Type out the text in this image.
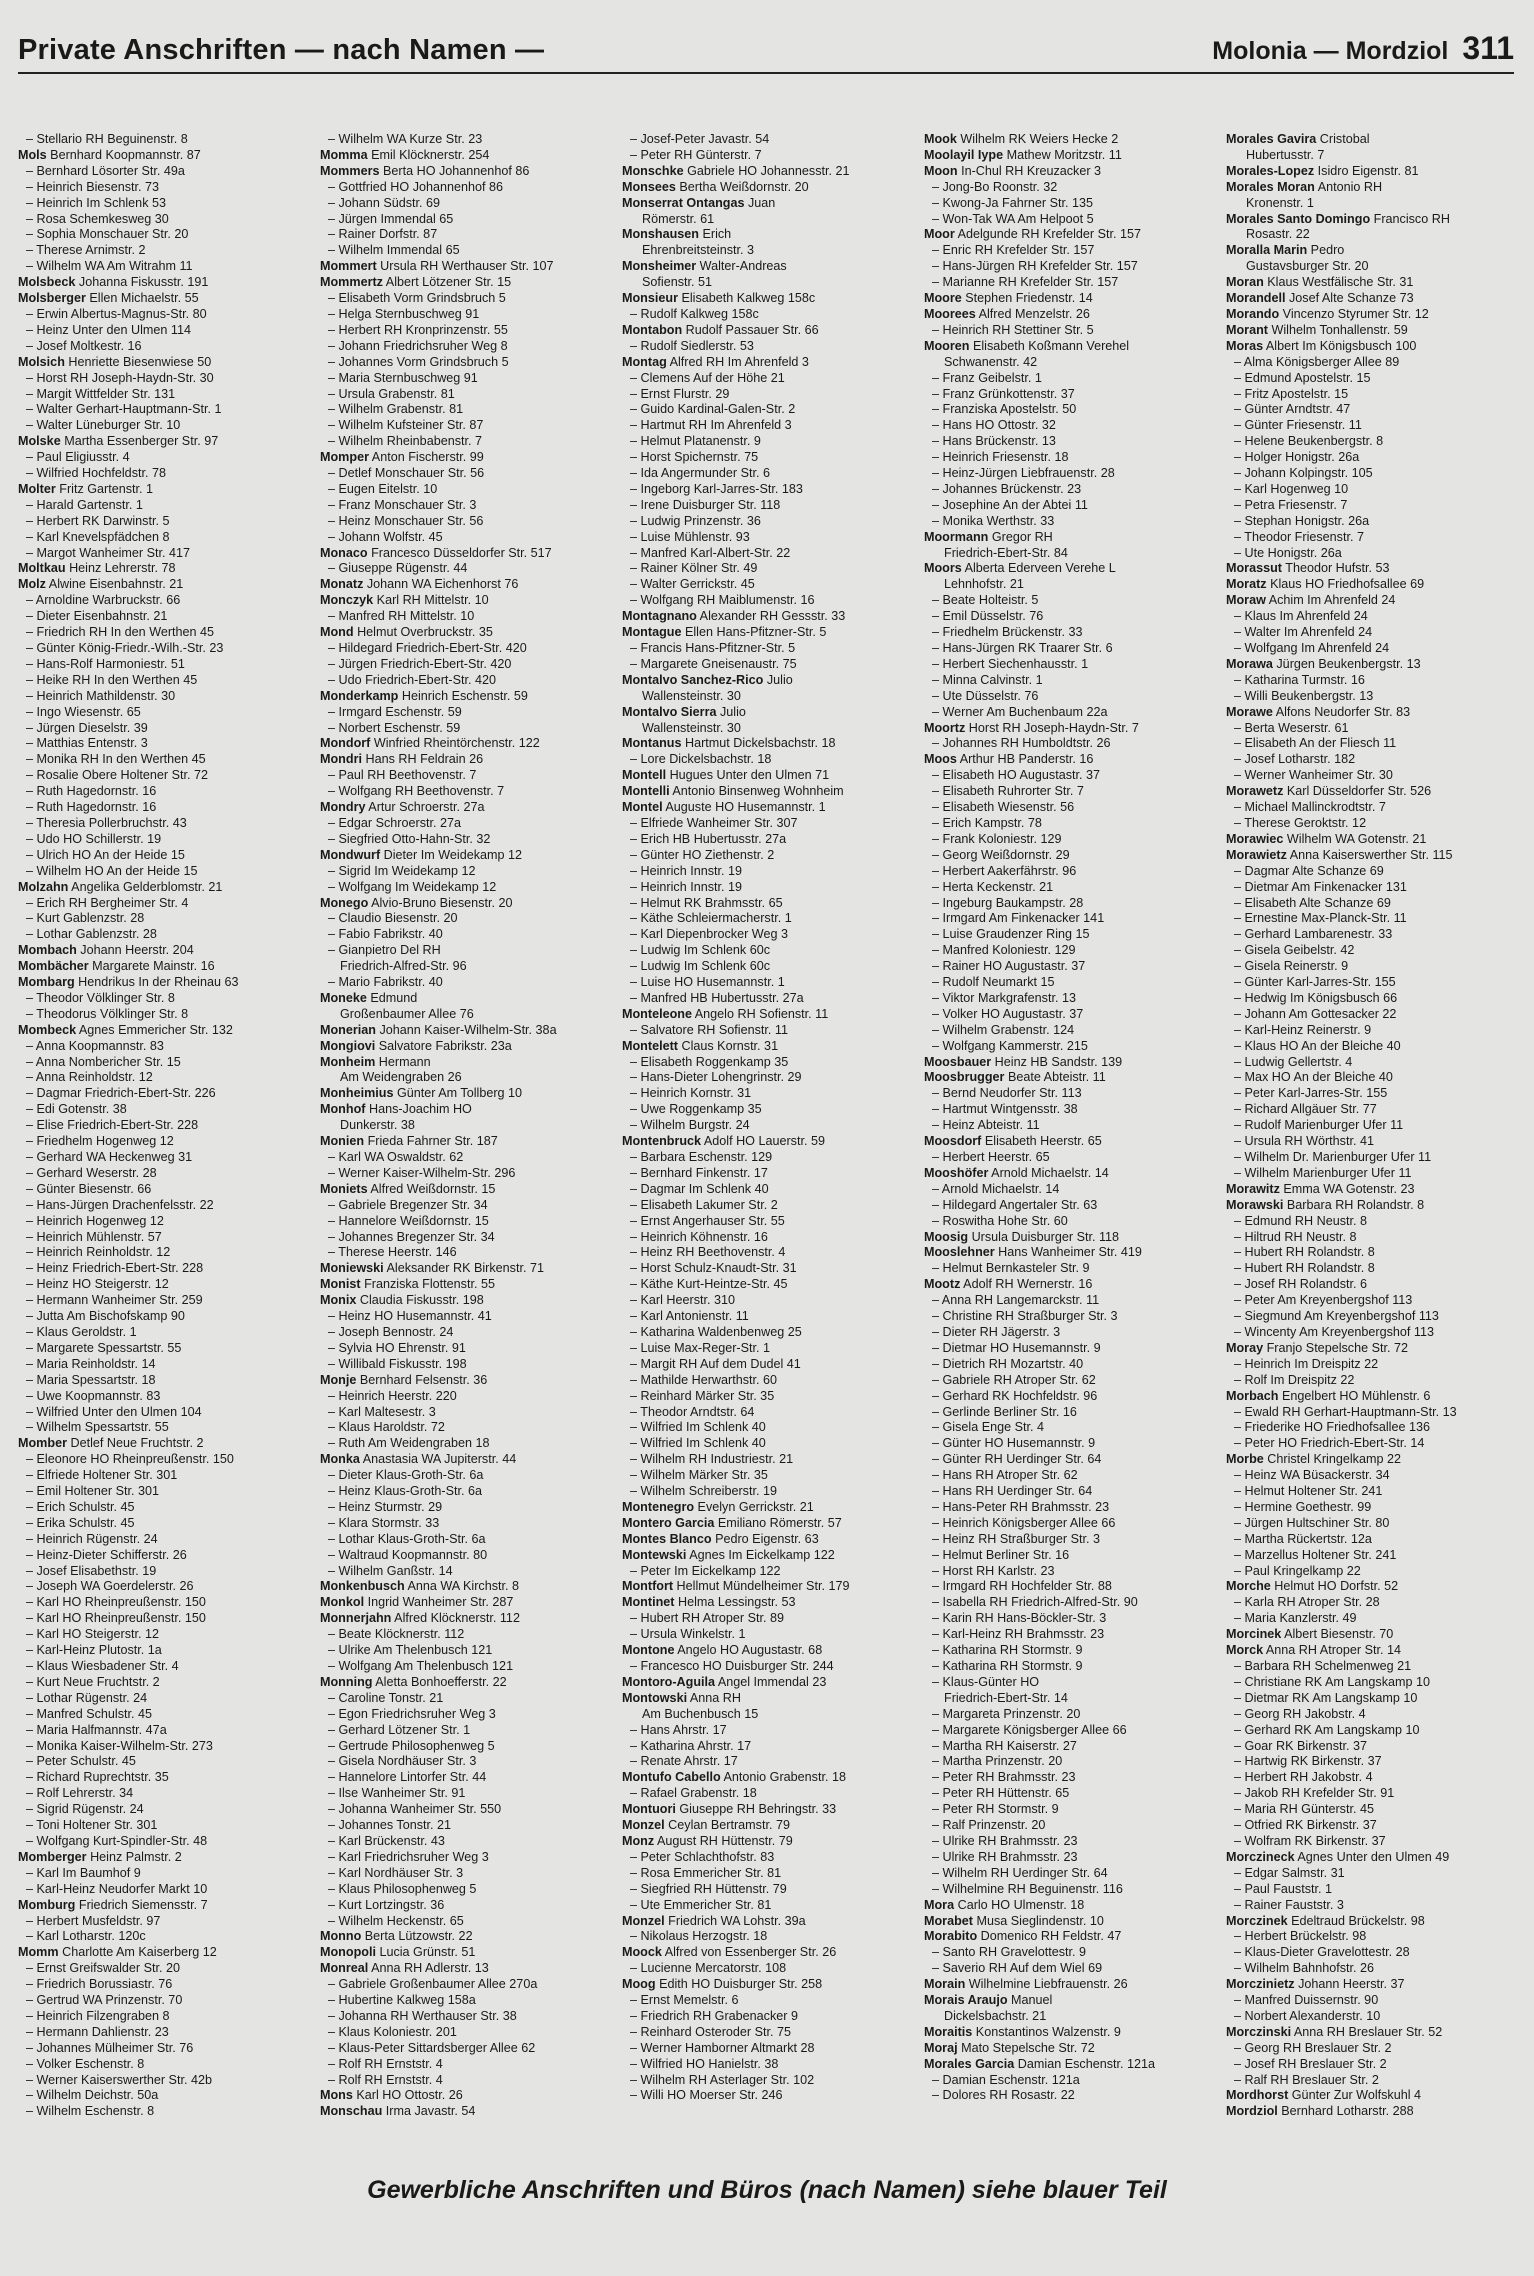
Private Anschriften — nach Namen —	Molonia — Mordziol 311
– Stellario RH Beguinenstr. 8
Mols Bernhard Koopmannstr. 87
– Bernhard Lösorter Str. 49a
– Heinrich Biesenstr. 73
– Heinrich Im Schlenk 53
– Rosa Schemkesweg 30
– Sophia Monschauer Str. 20
– Therese Arnimstr. 2
– Wilhelm WA Am Witrahm 11
Molsbeck Johanna Fiskusstr. 191
Molsberger Ellen Michaelstr. 55
– Erwin Albertus-Magnus-Str. 80
– Heinz Unter den Ulmen 114
– Josef Moltkestr. 16
Molsich Henriette Biesenwiese 50
– Horst RH Joseph-Haydn-Str. 30
– Margit Wittfelder Str. 131
– Walter Gerhart-Hauptmann-Str. 1
– Walter Lüneburger Str. 10
Molske Martha Essenberger Str. 97
– Paul Eligiusstr. 4
– Wilfried Hochfeldstr. 78
Molter Fritz Gartenstr. 1
– Harald Gartenstr. 1
– Herbert RK Darwinstr. 5
– Karl Knevelspfädchen 8
– Margot Wanheimer Str. 417
Moltkau Heinz Lehrerstr. 78
Molz Alwine Eisenbahnstr. 21
– Arnoldine Warbruckstr. 66
– Dieter Eisenbahnstr. 21
– Friedrich RH In den Werthen 45
– Günter König-Friedr.-Wilh.-Str. 23
– Hans-Rolf Harmoniestr. 51
– Heike RH In den Werthen 45
– Heinrich Mathildenstr. 30
– Ingo Wiesenstr. 65
– Jürgen Dieselstr. 39
– Matthias Entenstr. 3
– Monika RH In den Werthen 45
– Rosalie Obere Holtener Str. 72
– Ruth Hagedornstr. 16
– Ruth Hagedornstr. 16
– Theresia Pollerbruchstr. 43
– Udo HO Schillerstr. 19
– Ulrich HO An der Heide 15
– Wilhelm HO An der Heide 15
Molzahn Angelika Gelderblomstr. 21
– Erich RH Bergheimer Str. 4
– Kurt Gablenzstr. 28
– Lothar Gablenzstr. 28
Mombach Johann Heerstr. 204
Mombächer Margarete Mainstr. 16
Mombarg Hendrikus In der Rheinau 63
– Theodor Völklinger Str. 8
– Theodorus Völklinger Str. 8
Mombeck Agnes Emmericher Str. 132
– Anna Koopmannstr. 83
– Anna Nombericher Str. 15
– Anna Reinholdstr. 12
– Dagmar Friedrich-Ebert-Str. 226
– Edi Gotenstr. 38
– Elise Friedrich-Ebert-Str. 228
– Friedhelm Hogenweg 12
– Gerhard WA Heckenweg 31
– Gerhard Weserstr. 28
– Günter Biesenstr. 66
– Hans-Jürgen Drachenfelsstr. 22
– Heinrich Hogenweg 12
– Heinrich Mühlenstr. 57
– Heinrich Reinholdstr. 12
– Heinz Friedrich-Ebert-Str. 228
– Heinz HO Steigerstr. 12
– Hermann Wanheimer Str. 259
– Jutta Am Bischofskamp 90
– Klaus Geroldstr. 1
– Margarete Spessartstr. 55
– Maria Reinholdstr. 14
– Maria Spessartstr. 18
– Uwe Koopmannstr. 83
– Wilfried Unter den Ulmen 104
– Wilhelm Spessartstr. 55
Momber Detlef Neue Fruchtstr. 2
– Eleonore HO Rheinpreußenstr. 150
– Elfriede Holtener Str. 301
– Emil Holtener Str. 301
– Erich Schulstr. 45
– Erika Schulstr. 45
– Heinrich Rügenstr. 24
– Heinz-Dieter Schifferstr. 26
– Josef Elisabethstr. 19
– Joseph WA Goerdelerstr. 26
– Karl HO Rheinpreußenstr. 150
– Karl HO Rheinpreußenstr. 150
– Karl HO Steigerstr. 12
– Karl-Heinz Plutostr. 1a
– Klaus Wiesbadener Str. 4
– Kurt Neue Fruchtstr. 2
– Lothar Rügenstr. 24
– Manfred Schulstr. 45
– Maria Halfmannstr. 47a
– Monika Kaiser-Wilhelm-Str. 273
– Peter Schulstr. 45
– Richard Ruprechtstr. 35
– Rolf Lehrerstr. 34
– Sigrid Rügenstr. 24
– Toni Holtener Str. 301
– Wolfgang Kurt-Spindler-Str. 48
Momberger Heinz Palmstr. 2
– Karl Im Baumhof 9
– Karl-Heinz Neudorfer Markt 10
Momburg Friedrich Siemensstr. 7
– Herbert Musfeldstr. 97
– Karl Lotharstr. 120c
Momm Charlotte Am Kaiserberg 12
– Ernst Greifswalder Str. 20
– Friedrich Borussiastr. 76
– Gertrud WA Prinzenstr. 70
– Heinrich Filzengraben 8
– Hermann Dahlienstr. 23
– Johannes Mülheimer Str. 76
– Volker Eschenstr. 8
– Werner Kaiserswerther Str. 42b
– Wilhelm Deichstr. 50a
– Wilhelm Eschenstr. 8
– Wilhelm WA Kurze Str. 23
Momma Emil Klöcknerstr. 254
Mommers Berta HO Johannenhof 86
– Gottfried HO Johannenhof 86
– Johann Südstr. 69
– Jürgen Immendal 65
– Rainer Dorfstr. 87
– Wilhelm Immendal 65
Mommert Ursula RH Werthauser Str. 107
Mommertz Albert Lötzener Str. 15
– Elisabeth Vorm Grindsbruch 5
– Helga Sternbuschweg 91
– Herbert RH Kronprinzenstr. 55
– Johann Friedrichsruher Weg 8
– Johannes Vorm Grindsbruch 5
– Maria Sternbuschweg 91
– Ursula Grabenstr. 81
– Wilhelm Grabenstr. 81
– Wilhelm Kufsteiner Str. 87
– Wilhelm Rheinbabenstr. 7
Momper Anton Fischerstr. 99
– Detlef Monschauer Str. 56
– Eugen Eitelstr. 10
– Franz Monschauer Str. 3
– Heinz Monschauer Str. 56
– Johann Wolfstr. 45
Monaco Francesco Düsseldorfer Str. 517
– Giuseppe Rügenstr. 44
Monatz Johann WA Eichenhorst 76
Monczyk Karl RH Mittelstr. 10
– Manfred RH Mittelstr. 10
Mond Helmut Overbruckstr. 35
– Hildegard Friedrich-Ebert-Str. 420
– Jürgen Friedrich-Ebert-Str. 420
– Udo Friedrich-Ebert-Str. 420
Monderkamp Heinrich Eschenstr. 59
– Irmgard Eschenstr. 59
– Norbert Eschenstr. 59
Mondorf Winfried Rheintörchenstr. 122
Mondri Hans RH Feldrain 26
– Paul RH Beethovenstr. 7
– Wolfgang RH Beethovenstr. 7
Mondry Artur Schroerstr. 27a
– Edgar Schroerstr. 27a
– Siegfried Otto-Hahn-Str. 32
Mondwurf Dieter Im Weidekamp 12
– Sigrid Im Weidekamp 12
– Wolfgang Im Weidekamp 12
Monego Alvio-Bruno Biesenstr. 20
– Claudio Biesenstr. 20
– Fabio Fabrikstr. 40
– Gianpietro Del RH
Friedrich-Alfred-Str. 96
– Mario Fabrikstr. 40
Moneke Edmund
Großenbaumer Allee 76
Monerian Johann Kaiser-Wilhelm-Str. 38a
Mongiovi Salvatore Fabrikstr. 23a
Monheim Hermann
Am Weidengraben 26
Monheimius Günter Am Tollberg 10
Monhof Hans-Joachim HO
Dunkerstr. 38
Monien Frieda Fahrner Str. 187
– Karl WA Oswaldstr. 62
– Werner Kaiser-Wilhelm-Str. 296
Moniets Alfred Weißdornstr. 15
– Gabriele Bregenzer Str. 34
– Hannelore Weißdornstr. 15
– Johannes Bregenzer Str. 34
– Therese Heerstr. 146
Moniewski Aleksander RK Birkenstr. 71
Monist Franziska Flottenstr. 55
Monix Claudia Fiskusstr. 198
– Heinz HO Husemannstr. 41
– Joseph Bennostr. 24
– Sylvia HO Ehrenstr. 91
– Willibald Fiskusstr. 198
Monje Bernhard Felsenstr. 36
– Heinrich Heerstr. 220
– Karl Maltesestr. 3
– Klaus Haroldstr. 72
– Ruth Am Weidengraben 18
Monka Anastasia WA Jupiterstr. 44
– Dieter Klaus-Groth-Str. 6a
– Heinz Klaus-Groth-Str. 6a
– Heinz Sturmstr. 29
– Klara Stormstr. 33
– Lothar Klaus-Groth-Str. 6a
– Waltraud Koopmannstr. 80
– Wilhelm Ganßstr. 14
Monkenbusch Anna WA Kirchstr. 8
Monkol Ingrid Wanheimer Str. 287
Monnerjahn Alfred Klöcknerstr. 112
– Beate Klöcknerstr. 112
– Ulrike Am Thelenbusch 121
– Wolfgang Am Thelenbusch 121
Monning Aletta Bonhoefferstr. 22
– Caroline Tonstr. 21
– Egon Friedrichsruher Weg 3
– Gerhard Lötzener Str. 1
– Gertrude Philosophenweg 5
– Gisela Nordhäuser Str. 3
– Hannelore Lintorfer Str. 44
– Ilse Wanheimer Str. 91
– Johanna Wanheimer Str. 550
– Johannes Tonstr. 21
– Karl Brückenstr. 43
– Karl Friedrichsruher Weg 3
– Karl Nordhäuser Str. 3
– Klaus Philosophenweg 5
– Kurt Lortzingstr. 36
– Wilhelm Heckenstr. 65
Monno Berta Lützowstr. 22
Monopoli Lucia Grünstr. 51
Monreal Anna RH Adlerstr. 13
– Gabriele Großenbaumer Allee 270a
– Hubertine Kalkweg 158a
– Johanna RH Werthauser Str. 38
– Klaus Koloniestr. 201
– Klaus-Peter Sittardsberger Allee 62
– Rolf RH Ernststr. 4
– Rolf RH Ernststr. 4
Mons Karl HO Ottostr. 26
Monschau Irma Javastr. 54
– Josef-Peter Javastr. 54
– Peter RH Günterstr. 7
Monschke Gabriele HO Johannesstr. 21
Monsees Bertha Weißdornstr. 20
Monserrat Ontangas Juan
Römerstr. 61
Monshausen Erich
Ehrenbreitsteinstr. 3
Monsheimer Walter-Andreas
Sofienstr. 51
Monsieur Elisabeth Kalkweg 158c
– Rudolf Kalkweg 158c
Montabon Rudolf Passauer Str. 66
– Rudolf Siedlerstr. 53
Montag Alfred RH Im Ahrenfeld 3
– Clemens Auf der Höhe 21
– Ernst Flurstr. 29
– Guido Kardinal-Galen-Str. 2
– Hartmut RH Im Ahrenfeld 3
– Helmut Platanenstr. 9
– Horst Spichernstr. 75
– Ida Angermunder Str. 6
– Ingeborg Karl-Jarres-Str. 183
– Irene Duisburger Str. 118
– Ludwig Prinzenstr. 36
– Luise Mühlenstr. 93
– Manfred Karl-Albert-Str. 22
– Rainer Kölner Str. 49
– Walter Gerrickstr. 45
– Wolfgang RH Maiblumenstr. 16
Montagnano Alexander RH Gessstr. 33
Montague Ellen Hans-Pfitzner-Str. 5
– Francis Hans-Pfitzner-Str. 5
– Margarete Gneisenaustr. 75
Montalvo Sanchez-Rico Julio
Wallensteinstr. 30
Montalvo Sierra Julio
Wallensteinstr. 30
Montanus Hartmut Dickelsbachstr. 18
– Lore Dickelsbachstr. 18
Montell Hugues Unter den Ulmen 71
Montelli Antonio Binsenweg Wohnheim
Montel Auguste HO Husemannstr. 1
– Elfriede Wanheimer Str. 307
– Erich HB Hubertusstr. 27a
– Günter HO Ziethenstr. 2
– Heinrich Innstr. 19
– Heinrich Innstr. 19
– Helmut RK Brahmsstr. 65
– Käthe Schleiermacherstr. 1
– Karl Diepenbrocker Weg 3
– Ludwig Im Schlenk 60c
– Ludwig Im Schlenk 60c
– Luise HO Husemannstr. 1
– Manfred HB Hubertusstr. 27a
Monteleone Angelo RH Sofienstr. 11
– Salvatore RH Sofienstr. 11
Montelett Claus Kornstr. 31
– Elisabeth Roggenkamp 35
– Hans-Dieter Lohengrinstr. 29
– Heinrich Kornstr. 31
– Uwe Roggenkamp 35
– Wilhelm Burgstr. 24
Montenbruck Adolf HO Lauerstr. 59
– Barbara Eschenstr. 129
– Bernhard Finkenstr. 17
– Dagmar Im Schlenk 40
– Elisabeth Lakumer Str. 2
– Ernst Angerhauser Str. 55
– Heinrich Köhnenstr. 16
– Heinz RH Beethovenstr. 4
– Horst Schulz-Knaudt-Str. 31
– Käthe Kurt-Heintze-Str. 45
– Karl Heerstr. 310
– Karl Antonienstr. 11
– Katharina Waldenbenweg 25
– Luise Max-Reger-Str. 1
– Margit RH Auf dem Dudel 41
– Mathilde Herwarthstr. 60
– Reinhard Märker Str. 35
– Theodor Arndtstr. 64
– Wilfried Im Schlenk 40
– Wilfried Im Schlenk 40
– Wilhelm RH Industriestr. 21
– Wilhelm Märker Str. 35
– Wilhelm Schreiberstr. 19
Montenegro Evelyn Gerrickstr. 21
Montero Garcia Emiliano Römerstr. 57
Montes Blanco Pedro Eigenstr. 63
Montewski Agnes Im Eickelkamp 122
– Peter Im Eickelkamp 122
Montfort Hellmut Mündelheimer Str. 179
Montinet Helma Lessingstr. 53
– Hubert RH Atroper Str. 89
– Ursula Winkelstr. 1
Montone Angelo HO Augustastr. 68
– Francesco HO Duisburger Str. 244
Montoro-Aguila Angel Immendal 23
Montowski Anna RH
Am Buchenbusch 15
– Hans Ahrstr. 17
– Katharina Ahrstr. 17
– Renate Ahrstr. 17
Montufo Cabello Antonio Grabenstr. 18
– Rafael Grabenstr. 18
Montuori Giuseppe RH Behringstr. 33
Monzel Ceylan Bertramstr. 79
Monz August RH Hüttenstr. 79
– Peter Schlachthofstr. 83
– Rosa Emmericher Str. 81
– Siegfried RH Hüttenstr. 79
– Ute Emmericher Str. 81
Monzel Friedrich WA Lohstr. 39a
– Nikolaus Herzogstr. 18
Moock Alfred von Essenberger Str. 26
– Lucienne Mercatorstr. 108
Moog Edith HO Duisburger Str. 258
– Ernst Memelstr. 6
– Friedrich RH Grabenacker 9
– Reinhard Osteroder Str. 75
– Werner Hamborner Altmarkt 28
– Wilfried HO Hanielstr. 38
– Wilhelm RH Asterlager Str. 102
– Willi HO Moerser Str. 246
Mook Wilhelm RK Weiers Hecke 2
Moolayil Iype Mathew Moritzstr. 11
Moon In-Chul RH Kreuzacker 3
– Jong-Bo Roonstr. 32
– Kwong-Ja Fahrner Str. 135
– Won-Tak WA Am Helpoot 5
Moor Adelgunde RH Krefelder Str. 157
– Enric RH Krefelder Str. 157
– Hans-Jürgen RH Krefelder Str. 157
– Marianne RH Krefelder Str. 157
Moore Stephen Friedenstr. 14
Moorees Alfred Menzelstr. 26
– Heinrich RH Stettiner Str. 5
Mooren Elisabeth Koßmann Verehel
Schwanenstr. 42
– Franz Geibelstr. 1
– Franz Grünkottenstr. 37
– Franziska Apostelstr. 50
– Hans HO Ottostr. 32
– Hans Brückenstr. 13
– Heinrich Friesenstr. 18
– Heinz-Jürgen Liebfrauenstr. 28
– Johannes Brückenstr. 23
– Josephine An der Abtei 11
– Monika Werthstr. 33
Moormann Gregor RH
Friedrich-Ebert-Str. 84
Moors Alberta Ederveen Verehe L
Lehnhofstr. 21
– Beate Holteistr. 5
– Emil Düsselstr. 76
– Friedhelm Brückenstr. 33
– Hans-Jürgen RK Traarer Str. 6
– Herbert Siechenhausstr. 1
– Minna Calvinstr. 1
– Ute Düsselstr. 76
– Werner Am Buchenbaum 22a
Moortz Horst RH Joseph-Haydn-Str. 7
– Johannes RH Humboldtstr. 26
Moos Arthur HB Panderstr. 16
– Elisabeth HO Augustastr. 37
– Elisabeth Ruhrorter Str. 7
– Elisabeth Wiesenstr. 56
– Erich Kampstr. 78
– Frank Koloniestr. 129
– Georg Weißdornstr. 29
– Herbert Aakerfährstr. 96
– Herta Keckenstr. 21
– Ingeburg Baukampstr. 28
– Irmgard Am Finkenacker 141
– Luise Graudenzer Ring 15
– Manfred Koloniestr. 129
– Rainer HO Augustastr. 37
– Rudolf Neumarkt 15
– Viktor Markgrafenstr. 13
– Volker HO Augustastr. 37
– Wilhelm Grabenstr. 124
– Wolfgang Kammerstr. 215
Moosbauer Heinz HB Sandstr. 139
Moosbrugger Beate Abteistr. 11
– Bernd Neudorfer Str. 113
– Hartmut Wintgensstr. 38
– Heinz Abteistr. 11
Moosdorf Elisabeth Heerstr. 65
– Herbert Heerstr. 65
Mooshöfer Arnold Michaelstr. 14
– Arnold Michaelstr. 14
– Hildegard Angertaler Str. 63
– Roswitha Hohe Str. 60
Moosig Ursula Duisburger Str. 118
Mooslehner Hans Wanheimer Str. 419
– Helmut Bernkasteler Str. 9
Mootz Adolf RH Wernerstr. 16
– Anna RH Langemarckstr. 11
– Christine RH Straßburger Str. 3
– Dieter RH Jägerstr. 3
– Dietmar HO Husemannstr. 9
– Dietrich RH Mozartstr. 40
– Gabriele RH Atroper Str. 62
– Gerhard RK Hochfeldstr. 96
– Gerlinde Berliner Str. 16
– Gisela Enge Str. 4
– Günter HO Husemannstr. 9
– Günter RH Uerdinger Str. 64
– Hans RH Atroper Str. 62
– Hans RH Uerdinger Str. 64
– Hans-Peter RH Brahmsstr. 23
– Heinrich Königsberger Allee 66
– Heinz RH Straßburger Str. 3
– Helmut Berliner Str. 16
– Horst RH Karlstr. 23
– Irmgard RH Hochfelder Str. 88
– Isabella RH Friedrich-Alfred-Str. 90
– Karin RH Hans-Böckler-Str. 3
– Karl-Heinz RH Brahmsstr. 23
– Katharina RH Stormstr. 9
– Katharina RH Stormstr. 9
– Klaus-Günter HO
Friedrich-Ebert-Str. 14
– Margareta Prinzenstr. 20
– Margarete Königsberger Allee 66
– Martha RH Kaiserstr. 27
– Martha Prinzenstr. 20
– Peter RH Brahmsstr. 23
– Peter RH Hüttenstr. 65
– Peter RH Stormstr. 9
– Ralf Prinzenstr. 20
– Ulrike RH Brahmsstr. 23
– Ulrike RH Brahmsstr. 23
– Wilhelm RH Uerdinger Str. 64
– Wilhelmine RH Beguinenstr. 116
Mora Carlo HO Ulmenstr. 18
Morabet Musa Sieglindenstr. 10
Morabito Domenico RH Feldstr. 47
– Santo RH Gravelottestr. 9
– Saverio RH Auf dem Wiel 69
Morain Wilhelmine Liebfrauenstr. 26
Morais Araujo Manuel
Dickelsbachstr. 21
Moraitis Konstantinos Walzenstr. 9
Moraj Mato Stepelsche Str. 72
Morales Garcia Damian Eschenstr. 121a
– Damian Eschenstr. 121a
– Dolores RH Rosastr. 22
Morales Gavira Cristobal
Hubertusstr. 7
Morales-Lopez Isidro Eigenstr. 81
Morales Moran Antonio RH
Kronenstr. 1
Morales Santo Domingo Francisco RH
Rosastr. 22
Moralla Marin Pedro
Gustavsburger Str. 20
Moran Klaus Westfälische Str. 31
Morandell Josef Alte Schanze 73
Morando Vincenzo Styrumer Str. 12
Morant Wilhelm Tonhallenstr. 59
Moras Albert Im Königsbusch 100
– Alma Königsberger Allee 89
– Edmund Apostelstr. 15
– Fritz Apostelstr. 15
– Günter Arndtstr. 47
– Günter Friesenstr. 11
– Helene Beukenbergstr. 8
– Holger Honigstr. 26a
– Johann Kolpingstr. 105
– Karl Hogenweg 10
– Petra Friesenstr. 7
– Stephan Honigstr. 26a
– Theodor Friesenstr. 7
– Ute Honigstr. 26a
Morassut Theodor Hufstr. 53
Moratz Klaus HO Friedhofsallee 69
Moraw Achim Im Ahrenfeld 24
– Klaus Im Ahrenfeld 24
– Walter Im Ahrenfeld 24
– Wolfgang Im Ahrenfeld 24
Morawa Jürgen Beukenbergstr. 13
– Katharina Turmstr. 16
– Willi Beukenbergstr. 13
Morawe Alfons Neudorfer Str. 83
– Berta Weserstr. 61
– Elisabeth An der Fliesch 11
– Josef Lotharstr. 182
– Werner Wanheimer Str. 30
Morawetz Karl Düsseldorfer Str. 526
– Michael Mallinckrodtstr. 7
– Therese Geroktstr. 12
Morawiec Wilhelm WA Gotenstr. 21
Morawietz Anna Kaiserswerther Str. 115
– Dagmar Alte Schanze 69
– Dietmar Am Finkenacker 131
– Elisabeth Alte Schanze 69
– Ernestine Max-Planck-Str. 11
– Gerhard Lambarenestr. 33
– Gisela Geibelstr. 42
– Gisela Reinerstr. 9
– Günter Karl-Jarres-Str. 155
– Hedwig Im Königsbusch 66
– Johann Am Gottesacker 22
– Karl-Heinz Reinerstr. 9
– Klaus HO An der Bleiche 40
– Ludwig Gellertstr. 4
– Max HO An der Bleiche 40
– Peter Karl-Jarres-Str. 155
– Richard Allgäuer Str. 77
– Rudolf Marienburger Ufer 11
– Ursula RH Wörthstr. 41
– Wilhelm Dr. Marienburger Ufer 11
– Wilhelm Marienburger Ufer 11
Morawitz Emma WA Gotenstr. 23
Morawski Barbara RH Rolandstr. 8
– Edmund RH Neustr. 8
– Hiltrud RH Neustr. 8
– Hubert RH Rolandstr. 8
– Hubert RH Rolandstr. 8
– Josef RH Rolandstr. 6
– Peter Am Kreyenbergshof 113
– Siegmund Am Kreyenbergshof 113
– Wincenty Am Kreyenbergshof 113
Moray Franjo Stepelsche Str. 72
– Heinrich Im Dreispitz 22
– Rolf Im Dreispitz 22
Morbach Engelbert HO Mühlenstr. 6
– Ewald RH Gerhart-Hauptmann-Str. 13
– Friederike HO Friedhofsallee 136
– Peter HO Friedrich-Ebert-Str. 14
Morbe Christel Kringelkamp 22
– Heinz WA Büsackerstr. 34
– Helmut Holtener Str. 241
– Hermine Goethestr. 99
– Jürgen Hultschiner Str. 80
– Martha Rückertstr. 12a
– Marzellus Holtener Str. 241
– Paul Kringelkamp 22
Morche Helmut HO Dorfstr. 52
– Karla RH Atroper Str. 28
– Maria Kanzlerstr. 49
Morcinek Albert Biesenstr. 70
Morck Anna RH Atroper Str. 14
– Barbara RH Schelmenweg 21
– Christiane RK Am Langskamp 10
– Dietmar RK Am Langskamp 10
– Georg RH Jakobstr. 4
– Gerhard RK Am Langskamp 10
– Goar RK Birkenstr. 37
– Hartwig RK Birkenstr. 37
– Herbert RH Jakobstr. 4
– Jakob RH Krefelder Str. 91
– Maria RH Günterstr. 45
– Otfried RK Birkenstr. 37
– Wolfram RK Birkenstr. 37
Morczineck Agnes Unter den Ulmen 49
– Edgar Salmstr. 31
– Paul Fauststr. 1
– Rainer Fauststr. 3
Morczinek Edeltraud Brückelstr. 98
– Herbert Brückelstr. 98
– Klaus-Dieter Gravelottestr. 28
– Wilhelm Bahnhofstr. 26
Morczinietz Johann Heerstr. 37
– Manfred Duissernstr. 90
– Norbert Alexanderstr. 10
Morczinski Anna RH Breslauer Str. 52
– Georg RH Breslauer Str. 2
– Josef RH Breslauer Str. 2
– Ralf RH Breslauer Str. 2
Mordhorst Günter Zur Wolfskuhl 4
Mordziol Bernhard Lotharstr. 288
Gewerbliche Anschriften und Büros (nach Namen) siehe blauer Teil
